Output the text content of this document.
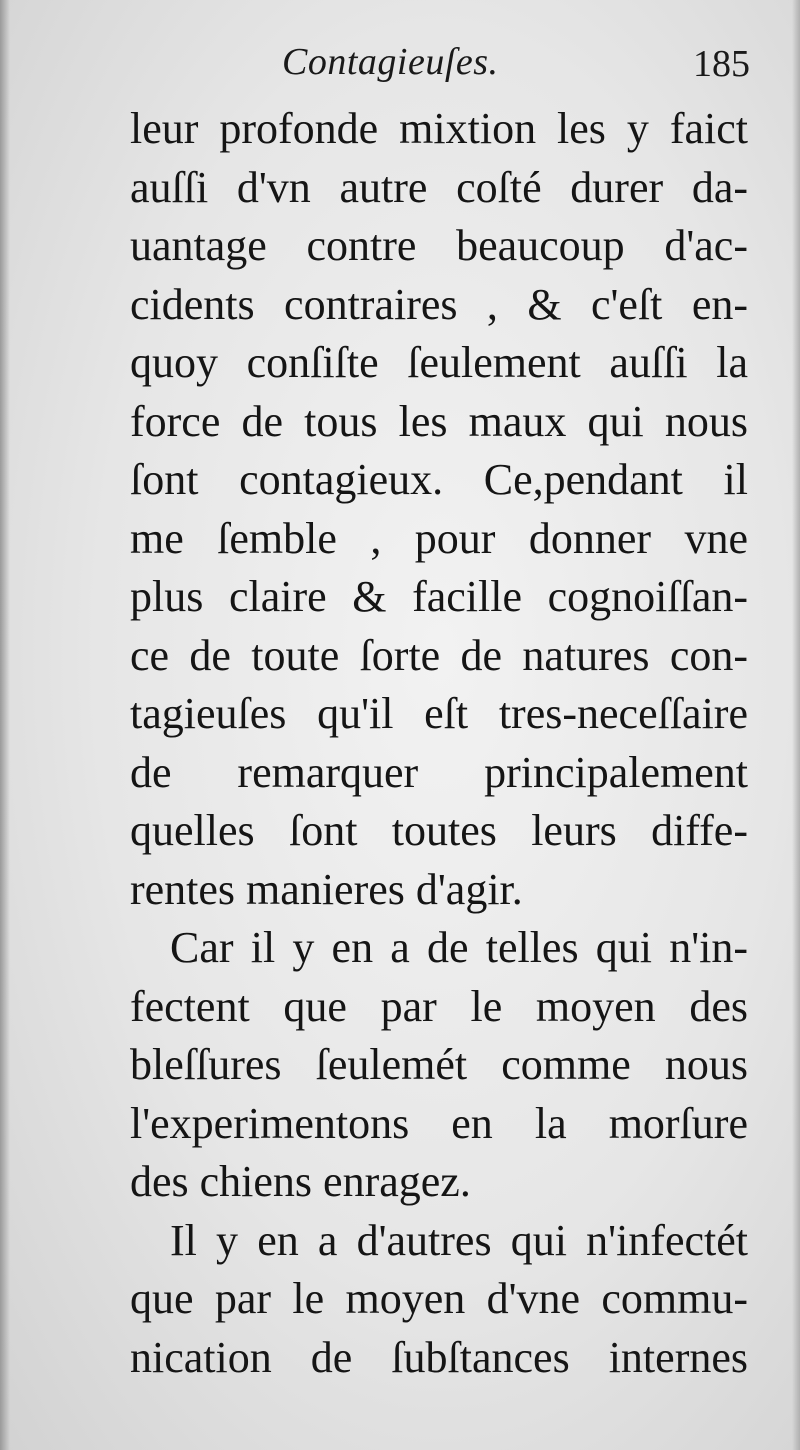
Contagieuſes.	185
leur profonde mixtion les y faict
auſſi d'vn autre coſté durer da-
uantage contre beaucoup d'ac-
cidents contraires , & c'eſt en-
quoy conſiſte ſeulement auſſi la
force de tous les maux qui nous
ſont contagieux. Ce,pendant il
me ſemble , pour donner vne
plus claire & facille cognoiſſan-
ce de toute ſorte de natures con-
tagieuſes qu'il eſt tres-neceſſaire
de remarquer principalement
quelles ſont toutes leurs diffe-
rentes manieres d'agir.
Car il y en a de telles qui n'in-
fectent que par le moyen des
bleſſures ſeulemét comme nous
l'experimentons en la morſure
des chiens enragez.
Il y en a d'autres qui n'infectét
que par le moyen d'vne commu-
nication de ſubſtances internes
